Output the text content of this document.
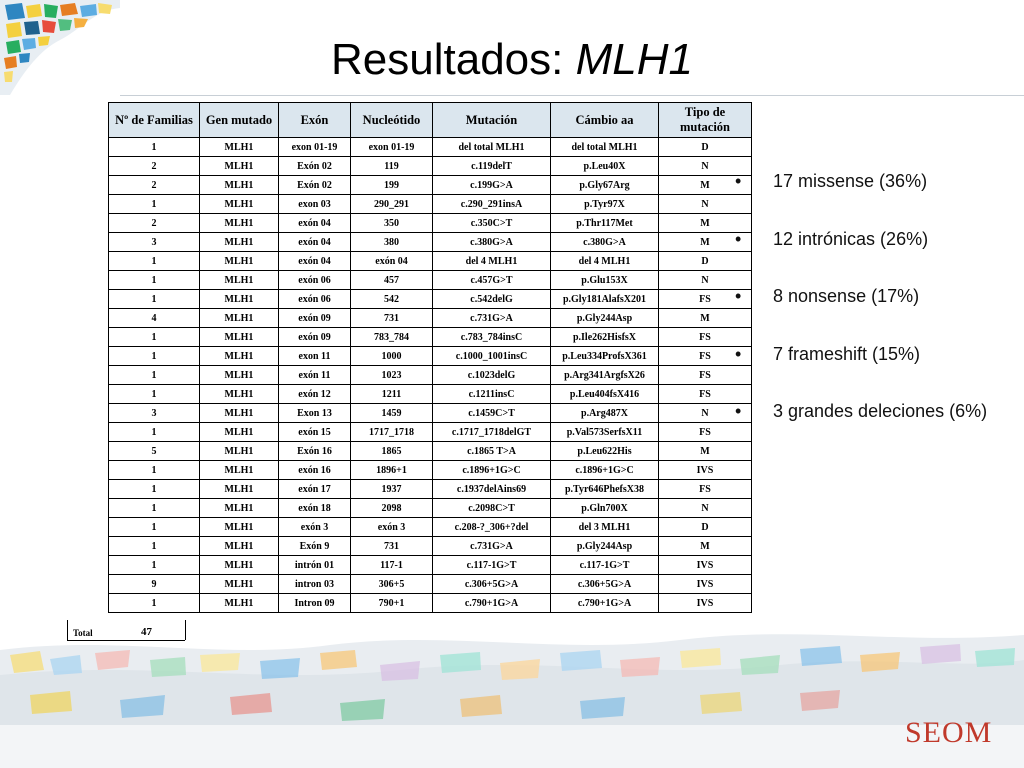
Resultados: MLH1
Nº de Familias	Gen mutado	Exón	Nucleótido	Mutación	Cámbio aa	Tipo de mutación
1	MLH1	exon 01-19	exon 01-19	del total MLH1	del total MLH1	D
2	MLH1	Exón 02	119	c.119delT	p.Leu40X	N
2	MLH1	Exón 02	199	c.199G>A	p.Gly67Arg	M
1	MLH1	exon 03	290_291	c.290_291insA	p.Tyr97X	N
2	MLH1	exón 04	350	c.350C>T	p.Thr117Met	M
3	MLH1	exón 04	380	c.380G>A	c.380G>A	M
1	MLH1	exón 04	exón 04	del 4 MLH1	del 4 MLH1	D
1	MLH1	exón 06	457	c.457G>T	p.Glu153X	N
1	MLH1	exón 06	542	c.542delG	p.Gly181AlafsX201	FS
4	MLH1	exón 09	731	c.731G>A	p.Gly244Asp	M
1	MLH1	exón 09	783_784	c.783_784insC	p.Ile262HisfsX	FS
1	MLH1	exon 11	1000	c.1000_1001insC	p.Leu334ProfsX361	FS
1	MLH1	exón 11	1023	c.1023delG	p.Arg341ArgfsX26	FS
1	MLH1	exón 12	1211	c.1211insC	p.Leu404fsX416	FS
3	MLH1	Exon 13	1459	c.1459C>T	p.Arg487X	N
1	MLH1	exón 15	1717_1718	c.1717_1718delGT	p.Val573SerfsX11	FS
5	MLH1	Exón 16	1865	c.1865 T>A	p.Leu622His	M
1	MLH1	exón 16	1896+1	c.1896+1G>C	c.1896+1G>C	IVS
1	MLH1	exón 17	1937	c.1937delAins69	p.Tyr646PhefsX38	FS
1	MLH1	exón 18	2098	c.2098C>T	p.Gln700X	N
1	MLH1	exón 3	exón 3	c.208-?_306+?del	del 3 MLH1	D
1	MLH1	Exón 9	731	c.731G>A	p.Gly244Asp	M
1	MLH1	intrón 01	117-1	c.117-1G>T	c.117-1G>T	IVS
9	MLH1	intron 03	306+5	c.306+5G>A	c.306+5G>A	IVS
1	MLH1	Intron 09	790+1	c.790+1G>A	c.790+1G>A	IVS
Total	47
• 17 missense (36%)
• 12 intrónicas (26%)
• 8 nonsense (17%)
• 7 frameshift (15%)
• 3 grandes deleciones (6%)
SEOM
